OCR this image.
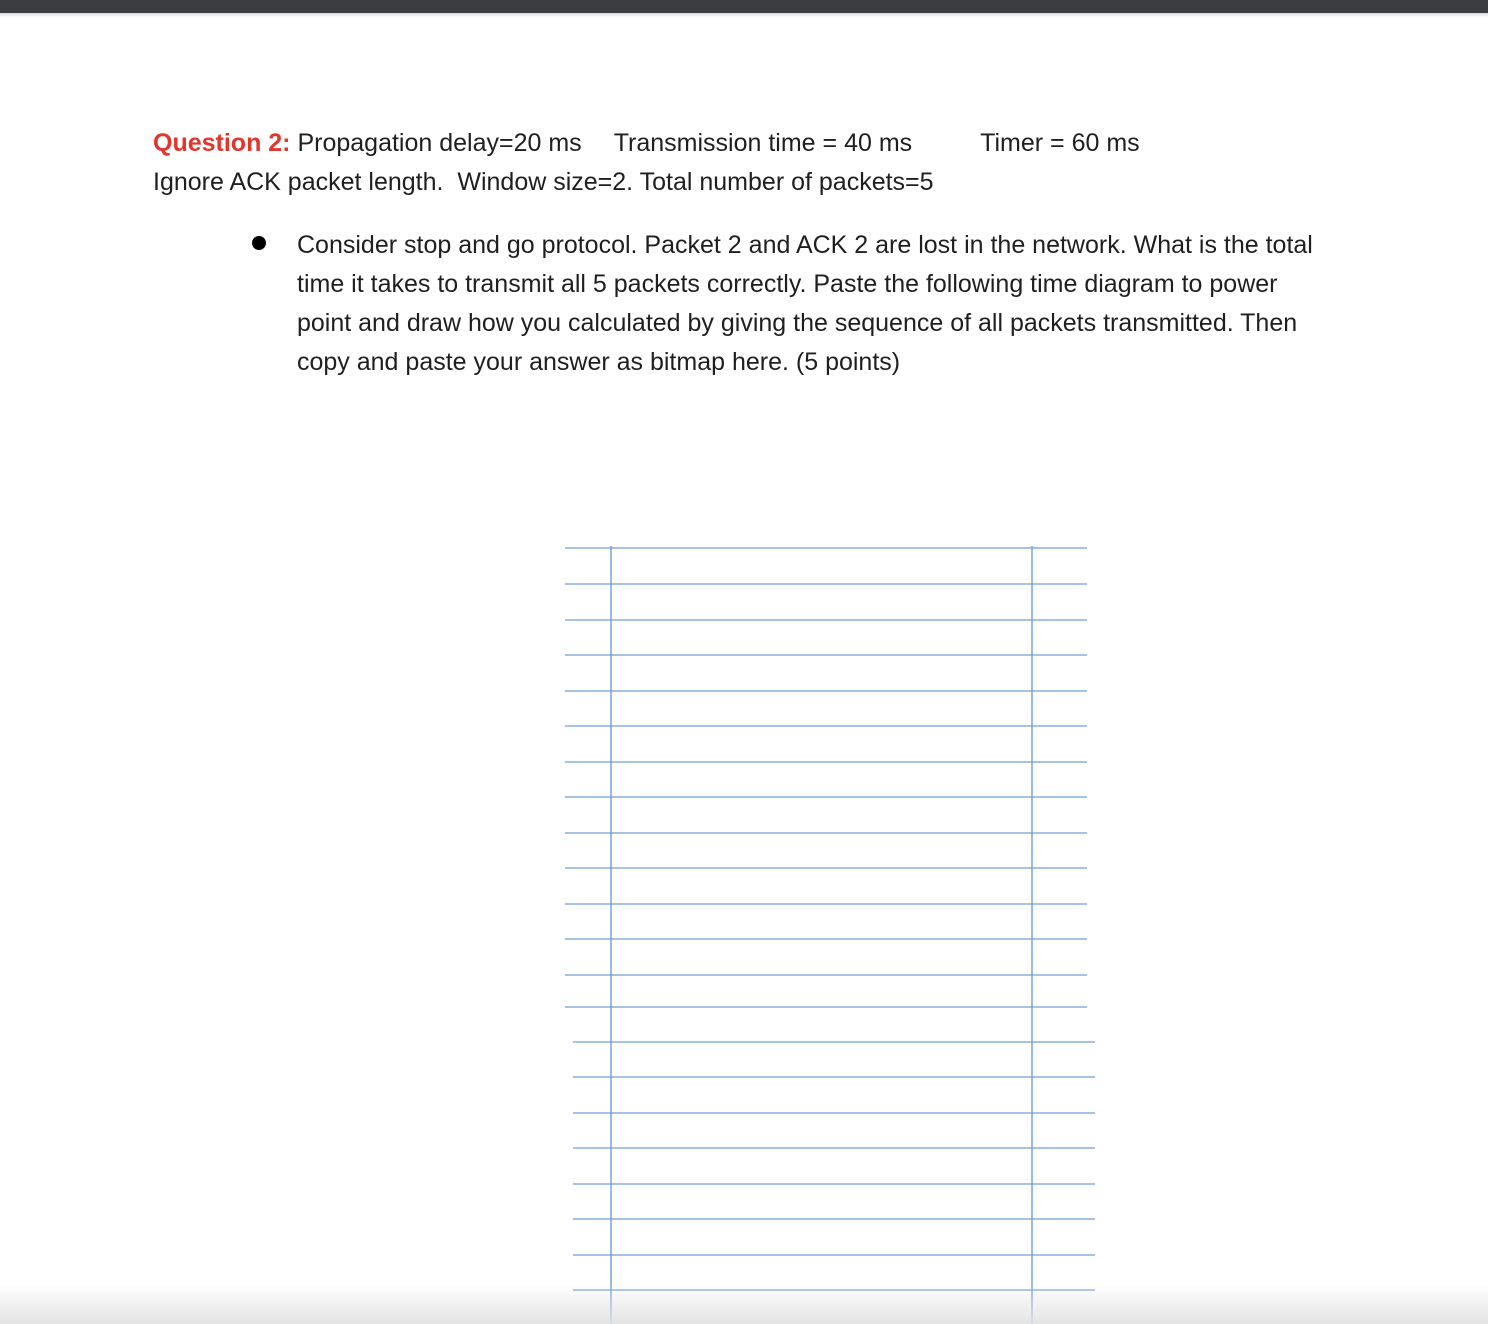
Question 2: Propagation delay=20 ms Transmission time = 40 ms	Timer = 60 ms
Ignore ACK packet length.  Window size=2. Total number of packets=5
Consider stop and go protocol. Packet 2 and ACK 2 are lost in the network. What is the total
time it takes to transmit all 5 packets correctly. Paste the following time diagram to power
point and draw how you calculated by giving the sequence of all packets transmitted. Then
copy and paste your answer as bitmap here. (5 points)
